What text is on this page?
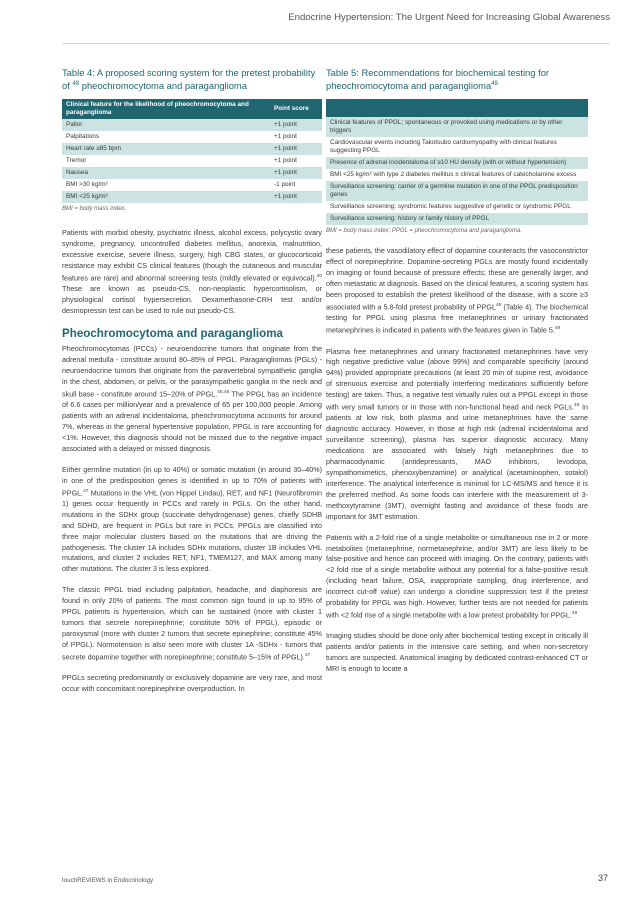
Endocrine Hypertension: The Urgent Need for Increasing Global Awareness
Table 4: A proposed scoring system for the pretest probability of $^{48}$ pheochromocytoma and paraganglioma
Clinical feature for the likelihood of pheochromocytoma and paraganglioma	Point score
Pallor	+1 point
Palpitations	+1 point
Heart rate ≥85 bpm	+1 point
Tremor	+1 point
Nausea	+1 point
BMI >30 kg/m²	-1 point
BMI <25 kg/m²	+1 point
BMI = body mass index.

Patients with morbid obesity, psychiatric illness, alcohol excess, polycystic ovary syndrome, pregnancy, uncontrolled diabetes mellitus, anorexia, malnutrition, excessive exercise, severe illness, surgery, high CBG states, or glucocorticoid resistance may exhibit CS clinical features (though the cutaneous and muscular features are rare) and abnormal screening tests (mildly elevated or equivocal).$^{40}$ These are known as pseudo-CS, non-neoplastic hypercortisolism, or physiological cortisol hypersecretion. Dexamethasone-CRH test and/or desmopressin test can be used to rule out pseudo-CS.

Pheochromocytoma and paraganglioma

Pheochromocytomas (PCCs) - neuroendocrine tumors that originate from the adrenal medulla - constitute around 80–85% of PPGL. Paragangliomas (PGLs) - neuroendocrine tumors that originate from the paravertebral sympathetic ganglia in the chest, abdomen, or pelvis, or the parasympathetic ganglia in the neck and skull base - constitute around 15–20% of PPGL.$^{45,46}$ The PPGL has an incidence of 6.6 cases per million/year and a prevalence of 65 per 100,000 people. Among patients with an adrenal incidentaloma, pheochromocytoma accounts for around 7%, whereas in the general hypertensive population, PPGL is rare accounting for <1%. However, this diagnosis should not be missed due to the negative impact associated with a delayed or missed diagnosis.

Either germline mutation (in up to 40%) or somatic mutation (in around 30–40%) in one of the predisposition genes is identified in up to 70% of patients with PPGL.$^{47}$ Mutations in the VHL (von Hippel Lindau), RET, and NF1 (Neurofibromin 1) genes occur frequently in PCCs and rarely in PGLs. On the other hand, mutations in the SDHx group (succinate dehydrogenase) genes, chiefly SDHB and SDHD, are frequent in PGLs but rare in PCCs. PPGLs are classified into three major molecular clusters based on the mutations that are driving the pathogenesis. The cluster 1A includes SDHx mutations, cluster 1B includes VHL mutations, and cluster 2 includes RET, NF1, TMEM127, and MAX among many other mutations. The cluster 3 is less explored.

The classic PPGL triad including palpitation, headache, and diaphoresis are found in only 20% of patients. The most common sign found in up to 95% of PPGL patients is hypertension, which can be sustained (more with cluster 1 tumors that secrete norepinephrine; constitute 50% of PPGL), episodic or paroxysmal (more with cluster 2 tumors that secrete epinephrine; constitute 45% of PPGL). Normotension is also seen more with cluster 1A -SDHx - tumors that secrete dopamine together with norepinephrine; constitute 5–15% of PPGL).$^{47}$

PPGLs secreting predominantly or exclusively dopamine are very rare, and most occur with concomitant norepinephrine overproduction. In

Table 5: Recommendations for biochemical testing for pheochromocytoma and paraganglioma$^{49}$

Clinical features of PPGL; spontaneous or provoked using medications or by other triggers
Cardiovascular events including Takotsubo cardiomyopathy with clinical features suggesting PPGL
Presence of adrenal incidentaloma of ≥10 HU density (with or without hypertension)
BMI <25 kg/m² with type 2 diabetes mellitus ± clinical features of catecholamine excess
Surveillance screening: carrier of a germline mutation in one of the PPGL predisposition genes
Surveillance screening: syndromic features suggestive of genetic or syndromic PPGL
Surveillance screening: history or family history of PPGL
BMI = body mass index; PPGL = pheochromocytoma and paraganglioma.

these patients, the vasodilatory effect of dopamine counteracts the vasoconstrictor effect of norepinephrine. Dopamine-secreting PGLs are mostly found incidentally on imaging or found because of pressure effects; these are generally larger, and often metastatic at diagnosis. Based on the clinical features, a scoring system has been proposed to establish the pretest likelihood of the disease, with a score ≥3 associated with a 5.8-fold pretest probability of PPGL$^{48}$ (Table 4). The biochemical testing for PPGL using plasma free metanephrines or urinary fractionated metanephrines is indicated in patients with the features given in Table 5.49

Plasma free metanephrines and urinary fractionated metanephrines have very high negative predictive value (above 99%) and comparable specificity (around 94%) provided appropriate precautions (at least 20 min of supine rest, avoidance of strenuous exercise and potentially interfering medications sufficiently before testing) are taken. Thus, a negative test virtually rules out a PPGL except in those with very small tumors or in those with non-functional head and neck PGLs.$^{49}$ In patients at low risk, both plasma and urine metanephrines have the same diagnostic accuracy. However, in those at high risk (adrenal incidentaloma and surveillance screening), plasma has superior diagnostic accuracy. Many medications are associated with falsely high metanephrines due to pharmacodynamic (antidepressants, MAO inhibitors, levodopa, sympathomimetics, phenoxybenzamine) or analytical (acetaminophen, sotalol) interference. The analytical interference is minimal for LC-MS/MS and hence it is the preferred method. As some foods can interfere with the measurement of 3-methoxytyramine (3MT), overnight fasting and avoidance of these foods are important for 3MT estimation.

Patients with a 2-fold rise of a single metabolite or simultaneous rise in 2 or more metabolites (metanephrine, normetanephrine, and/or 3MT) are less likely to be false-positive and hence can proceed with imaging. On the contrary, patients with <2 fold rise of a single metabolite without any potential for a false-positive result (including heart failure, OSA, inappropriate sampling, drug interference, and incorrect cut-off value) can undergo a clonidine suppression test if the pretest probability for PPGL was high. However, further tests are not needed for patients with <2 fold rise of a single metabolite with a low pretest probability for PPGL.$^{49}$

Imaging studies should be done only after biochemical testing except in critically ill patients and/or patients in the intensive care setting, and when non-secretory tumors are suspected. Anatomical imaging by dedicated contrast-enhanced CT or MRI is enough to locate a

touchREVIEWS in Endocrinology	37
